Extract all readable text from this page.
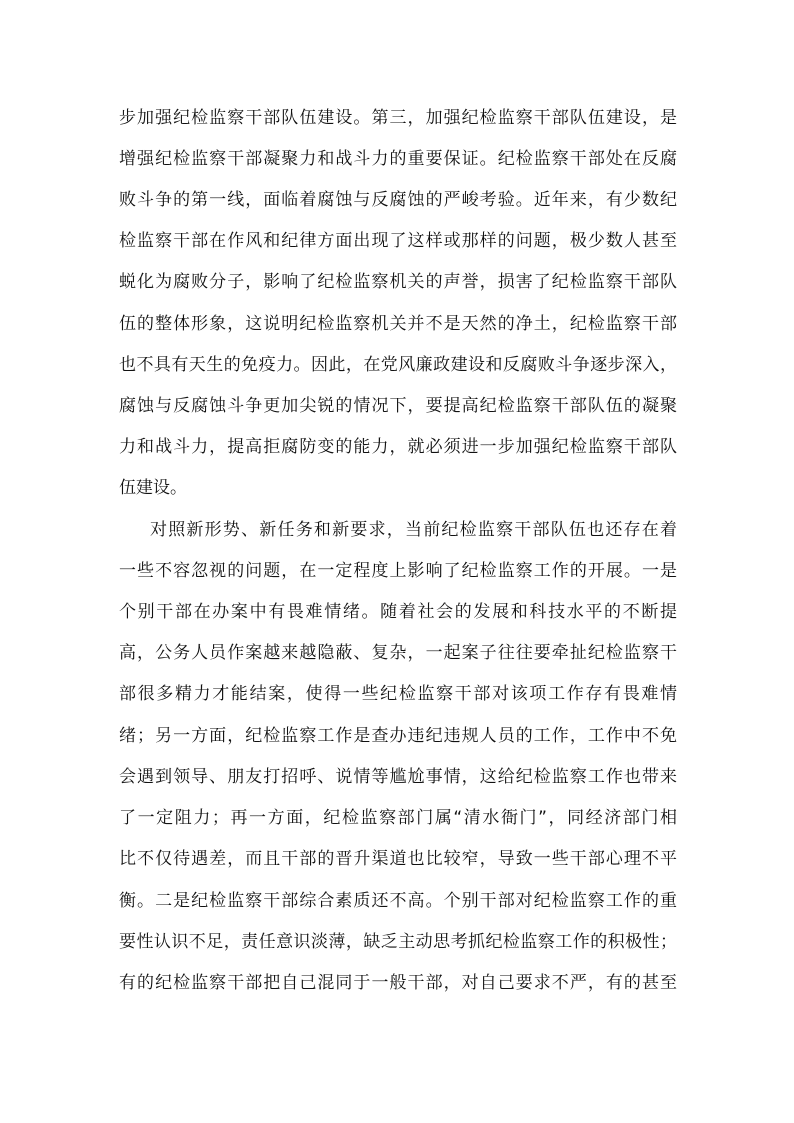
步加强纪检监察干部队伍建设。第三，加强纪检监察干部队伍建设，是
增强纪检监察干部凝聚力和战斗力的重要保证。纪检监察干部处在反腐
败斗争的第一线，面临着腐蚀与反腐蚀的严峻考验。近年来，有少数纪
检监察干部在作风和纪律方面出现了这样或那样的问题，极少数人甚至
蜕化为腐败分子，影响了纪检监察机关的声誉，损害了纪检监察干部队
伍的整体形象，这说明纪检监察机关并不是天然的净土，纪检监察干部
也不具有天生的免疫力。因此，在党风廉政建设和反腐败斗争逐步深入，
腐蚀与反腐蚀斗争更加尖锐的情况下，要提高纪检监察干部队伍的凝聚
力和战斗力，提高拒腐防变的能力，就必须进一步加强纪检监察干部队
伍建设。
对照新形势、新任务和新要求，当前纪检监察干部队伍也还存在着
一些不容忽视的问题，在一定程度上影响了纪检监察工作的开展。一是
个别干部在办案中有畏难情绪。随着社会的发展和科技水平的不断提
高，公务人员作案越来越隐蔽、复杂，一起案子往往要牵扯纪检监察干
部很多精力才能结案，使得一些纪检监察干部对该项工作存有畏难情
绪；另一方面，纪检监察工作是查办违纪违规人员的工作，工作中不免
会遇到领导、朋友打招呼、说情等尴尬事情，这给纪检监察工作也带来
了一定阻力；再一方面，纪检监察部门属“清水衙门”，同经济部门相
比不仅待遇差，而且干部的晋升渠道也比较窄，导致一些干部心理不平
衡。二是纪检监察干部综合素质还不高。个别干部对纪检监察工作的重
要性认识不足，责任意识淡薄，缺乏主动思考抓纪检监察工作的积极性；
有的纪检监察干部把自己混同于一般干部，对自己要求不严，有的甚至
